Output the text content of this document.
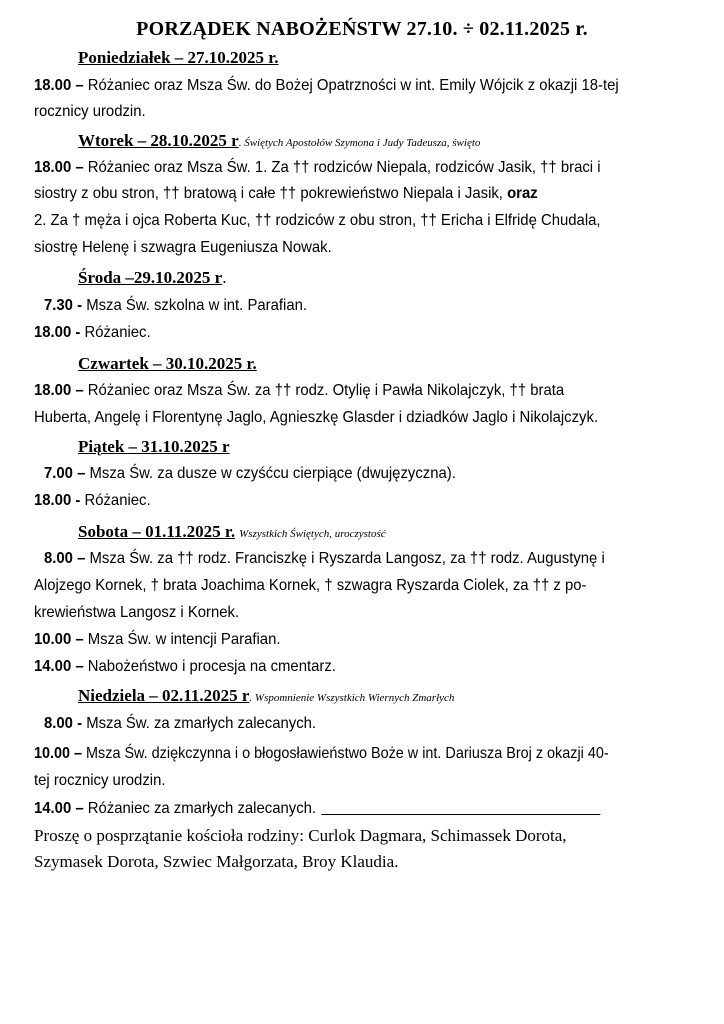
PORZĄDEK NABOŻEŃSTW 27.10. ÷ 02.11.2025 r.
Poniedziałek – 27.10.2025 r.
18.00 – Różaniec oraz Msza Św. do Bożej Opatrzności w int. Emily Wójcik z okazji 18-tej
rocznicy urodzin.
Wtorek – 28.10.2025 r. Świętych Apostołów Szymona i Judy Tadeusza, święto
18.00 – Różaniec oraz Msza Św. 1. Za †† rodziców Niepala, rodziców Jasik, †† braci i
siostry z obu stron, †† bratową i całe †† pokrewieństwo Niepala i Jasik, oraz
2. Za † męża i ojca Roberta Kuc, †† rodziców z obu stron, †† Ericha i Elfridę Chudala,
siostrę Helenę i szwagra Eugeniusza Nowak.
Środa –29.10.2025 r.
7.30 - Msza Św. szkolna w int. Parafian.
18.00 - Różaniec.
Czwartek – 30.10.2025 r.
18.00 – Różaniec oraz Msza Św. za †† rodz. Otylię i Pawła Nikolajczyk, †† brata
Huberta, Angelę i Florentynę Jaglo, Agnieszkę Glasder i dziadków Jaglo i Nikolajczyk.
Piątek – 31.10.2025 r
7.00 – Msza Św. za dusze w czyśćcu cierpiące (dwujęzyczna).
18.00 - Różaniec.
Sobota – 01.11.2025 r. Wszystkich Świętych, uroczystość
8.00 – Msza Św. za †† rodz. Franciszkę i Ryszarda Langosz, za †† rodz. Augustynę i
Alojzego Kornek, † brata Joachima Kornek, † szwagra Ryszarda Ciolek, za †† z po-
krewieństwa Langosz i Kornek.
10.00 – Msza Św. w intencji Parafian.
14.00 – Nabożeństwo i procesja na cmentarz.
Niedziela – 02.11.2025 r. Wspomnienie Wszystkich Wiernych Zmarłych
8.00 - Msza Św. za zmarłych zalecanych.
10.00 – Msza Św. dziękczynna i o błogosławieństwo Boże w int. Dariusza Broj z okazji 40-
tej rocznicy urodzin.
14.00 – Różaniec za zmarłych zalecanych.
Proszę o posprzątanie kościoła rodziny: Curlok Dagmara, Schimassek Dorota,
Szymasek Dorota, Szwiec Małgorzata, Broy Klaudia.
